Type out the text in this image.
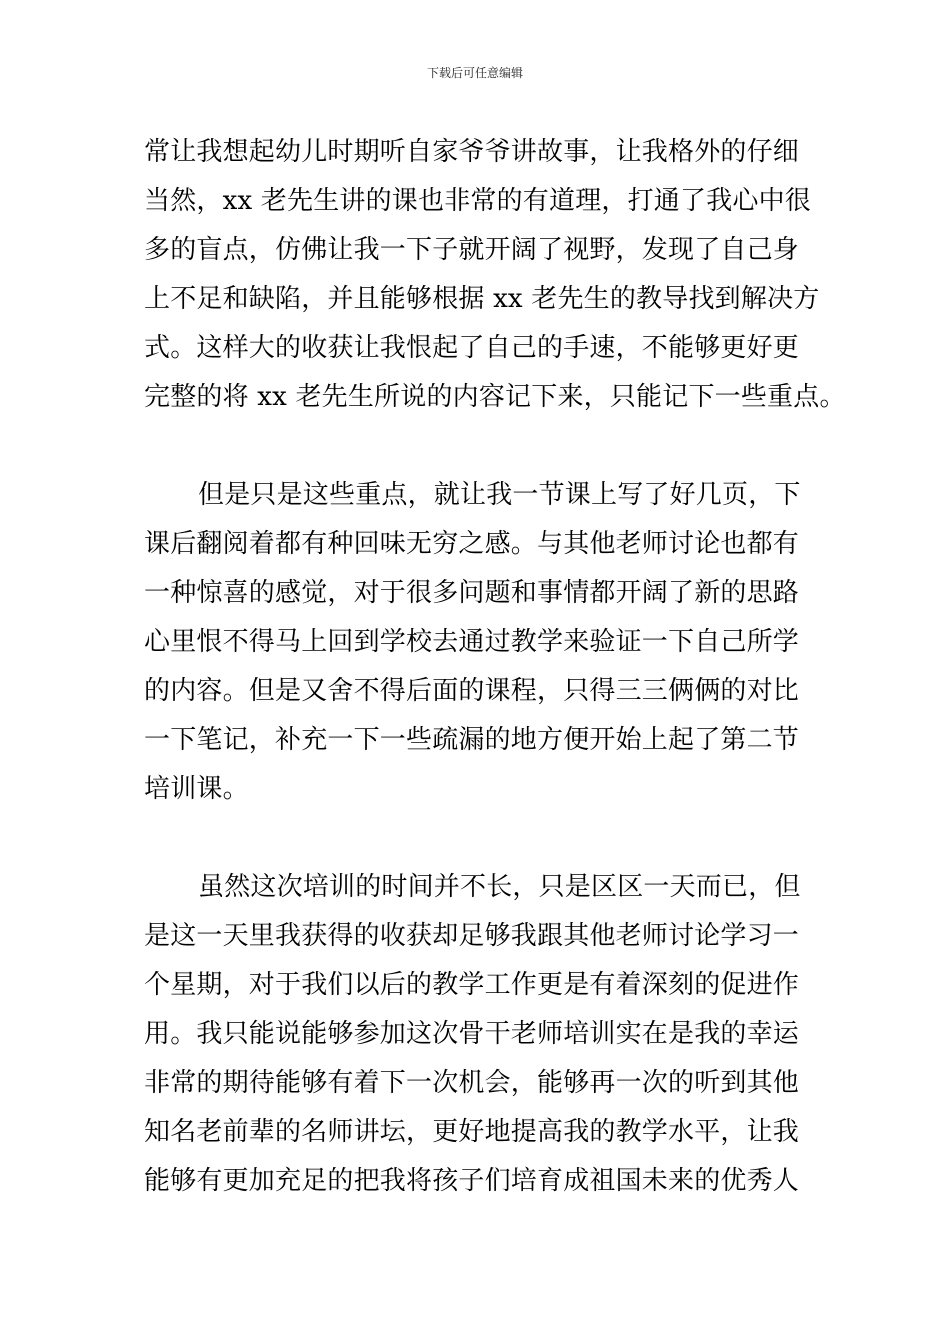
下载后可任意编辑
常让我想起幼儿时期听自家爷爷讲故事，让我格外的仔细
当然，xx 老先生讲的课也非常的有道理，打通了我心中很
多的盲点，仿佛让我一下子就开阔了视野，发现了自己身
上不足和缺陷，并且能够根据 xx 老先生的教导找到解决方
式。这样大的收获让我恨起了自己的手速，不能够更好更
完整的将 xx 老先生所说的内容记下来，只能记下一些重点。
但是只是这些重点，就让我一节课上写了好几页，下
课后翻阅着都有种回味无穷之感。与其他老师讨论也都有
一种惊喜的感觉，对于很多问题和事情都开阔了新的思路
心里恨不得马上回到学校去通过教学来验证一下自己所学
的内容。但是又舍不得后面的课程，只得三三俩俩的对比
一下笔记，补充一下一些疏漏的地方便开始上起了第二节
培训课。
虽然这次培训的时间并不长，只是区区一天而已，但
是这一天里我获得的收获却足够我跟其他老师讨论学习一
个星期，对于我们以后的教学工作更是有着深刻的促进作
用。我只能说能够参加这次骨干老师培训实在是我的幸运
非常的期待能够有着下一次机会，能够再一次的听到其他
知名老前辈的名师讲坛，更好地提高我的教学水平，让我
能够有更加充足的把我将孩子们培育成祖国未来的优秀人
